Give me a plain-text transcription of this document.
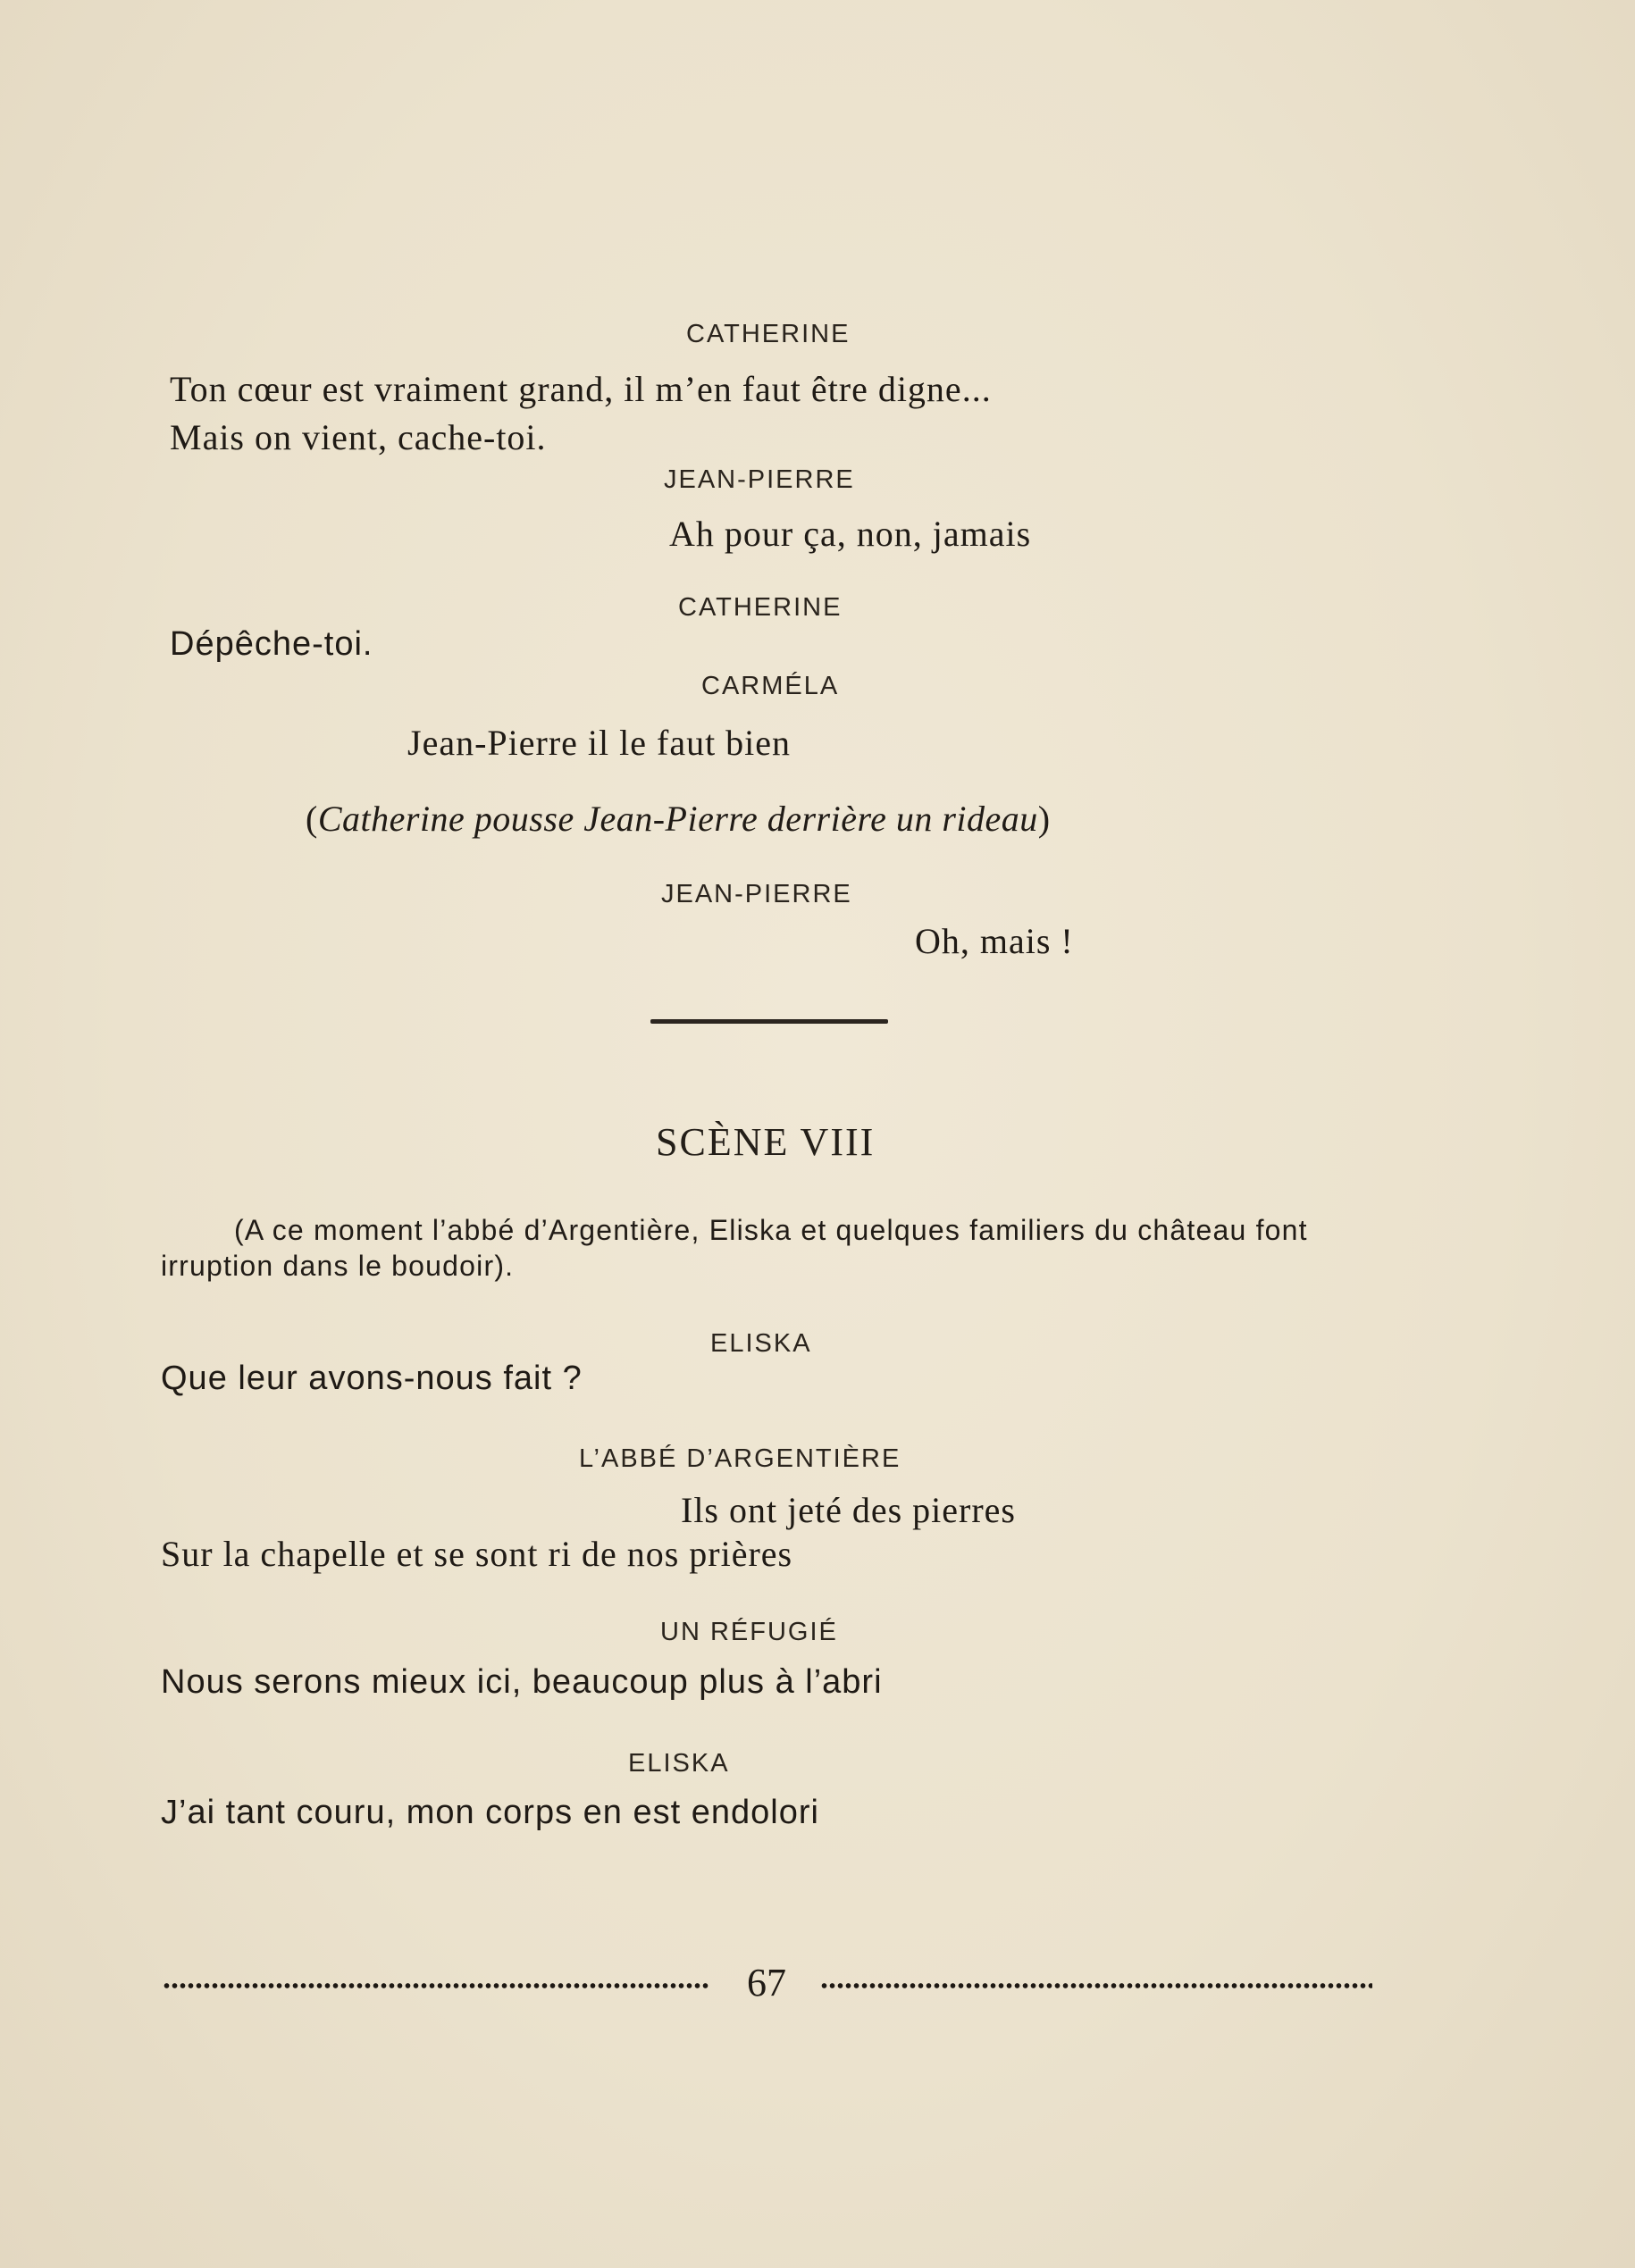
CATHERINE
Ton cœur est vraiment grand, il m’en faut être digne...
Mais on vient, cache-toi.
JEAN-PIERRE
Ah pour ça, non, jamais
CATHERINE
Dépêche-toi.
CARMÉLA
Jean-Pierre il le faut bien
(Catherine pousse Jean-Pierre derrière un rideau)
JEAN-PIERRE
Oh, mais !
SCÈNE VIII
(A ce moment l’abbé d’Argentière, Eliska et quelques familiers du château font irruption dans le boudoir).
ELISKA
Que leur avons-nous fait ?
L’ABBÉ D’ARGENTIÈRE
Ils ont jeté des pierres
Sur la chapelle et se sont ri de nos prières
UN RÉFUGIÉ
Nous serons mieux ici, beaucoup plus à l’abri
ELISKA
J’ai tant couru, mon corps en est endolori
67
